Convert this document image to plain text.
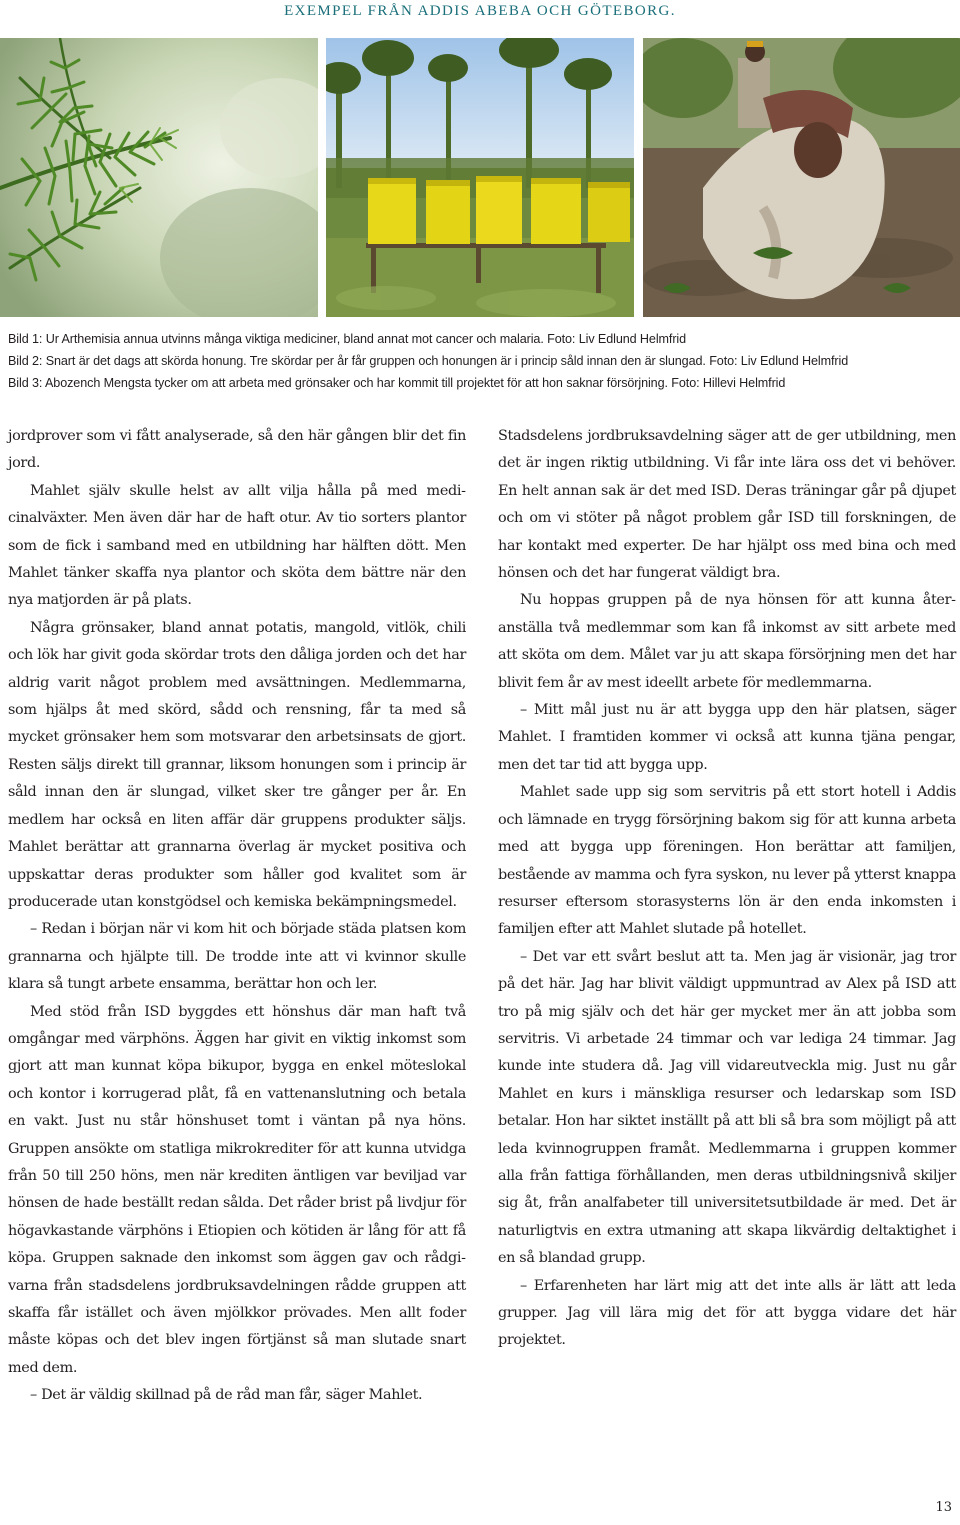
EXEMPEL FRÅN ADDIS ABEBA OCH GÖTEBORG.
Bild 1: Ur Arthemisia annua utvinns många viktiga mediciner, bland annat mot cancer och malaria. Foto: Liv Edlund Helmfrid
Bild 2: Snart är det dags att skörda honung. Tre skördar per år får gruppen och honungen är i princip såld innan den är slungad. Foto: Liv Edlund Helmfrid
Bild 3: Abozench Mengsta tycker om att arbeta med grönsaker och har kommit till projektet för att hon saknar försörjning. Foto: Hillevi Helmfrid

jordprover som vi fått analyserade, så den här gången blir det fin jord.

Mahlet själv skulle helst av allt vilja hålla på med medicinalväxter. Men även där har de haft otur. Av tio sorters plantor som de fick i samband med en utbildning har hälften dött. Men Mahlet tänker skaffa nya plantor och sköta dem bättre när den nya matjorden är på plats.

Några grönsaker, bland annat potatis, mangold, vitlök, chili och lök har givit goda skördar trots den dåliga jorden och det har aldrig varit något problem med avsättningen. Medlemmarna, som hjälps åt med skörd, sådd och rensning, får ta med så mycket grönsaker hem som motsvarar den arbetsinsats de gjort. Resten säljs direkt till grannar, liksom honungen som i princip är såld innan den är slungad, vilket sker tre gånger per år. En medlem har också en liten affär där gruppens produkter säljs. Mahlet berättar att grannarna överlag är mycket positiva och uppskattar deras produkter som håller god kvalitet som är producerade utan konstgödsel och kemiska bekämpningsmedel.

– Redan i början när vi kom hit och började städa platsen kom grannarna och hjälpte till. De trodde inte att vi kvinnor skulle klara så tungt arbete ensamma, berättar hon och ler.

Med stöd från ISD byggdes ett hönshus där man haft två omgångar med värphöns. Äggen har givit en viktig inkomst som gjort att man kunnat köpa bikupor, bygga en enkel möteslokal och kontor i korrugerad plåt, få en vattenanslutning och betala en vakt. Just nu står hönshuset tomt i väntan på nya höns. Gruppen ansökte om statliga mikrokrediter för att kunna utvidga från 50 till 250 höns, men när krediten äntligen var beviljad var hönsen de hade beställt redan sålda. Det råder brist på livdjur för högavkastande värphöns i Etiopien och kötiden är lång för att få köpa. Gruppen saknade den inkomst som äggen gav och rådgivarna från stadsdelens jordbruksavdelningen rådde gruppen att skaffa får istället och även mjölkkor prövades. Men allt foder måste köpas och det blev ingen förtjänst så man slutade snart med dem.

– Det är väldig skillnad på de råd man får, säger Mahlet.

Stadsdelens jordbruksavdelning säger att de ger utbildning, men det är ingen riktig utbildning. Vi får inte lära oss det vi behöver. En helt annan sak är det med ISD. Deras träningar går på djupet och om vi stöter på något problem går ISD till forskningen, de har kontakt med experter. De har hjälpt oss med bina och med hönsen och det har fungerat väldigt bra.

Nu hoppas gruppen på de nya hönsen för att kunna återanställa två medlemmar som kan få inkomst av sitt arbete med att sköta om dem. Målet var ju att skapa försörjning men det har blivit fem år av mest ideellt arbete för medlemmarna.

– Mitt mål just nu är att bygga upp den här platsen, säger Mahlet. I framtiden kommer vi också att kunna tjäna pengar, men det tar tid att bygga upp.

Mahlet sade upp sig som servitris på ett stort hotell i Addis och lämnade en trygg försörjning bakom sig för att kunna arbeta med att bygga upp föreningen. Hon berättar att familjen, bestående av mamma och fyra syskon, nu lever på ytterst knappa resurser eftersom storasysterns lön är den enda inkomsten i familjen efter att Mahlet slutade på hotellet.

– Det var ett svårt beslut att ta. Men jag är visionär, jag tror på det här. Jag har blivit väldigt uppmuntrad av Alex på ISD att tro på mig själv och det här ger mycket mer än att jobba som servitris. Vi arbetade 24 timmar och var lediga 24 timmar. Jag kunde inte studera då. Jag vill vidareutveckla mig. Just nu går Mahlet en kurs i mänskliga resurser och ledarskap som ISD betalar. Hon har siktet inställt på att bli så bra som möjligt på att leda kvinnogruppen framåt. Medlemmarna i gruppen kommer alla från fattiga förhållanden, men deras utbildningsnivå skiljer sig åt, från analfabeter till universitetsutbildade är med. Det är naturligtvis en extra utmaning att skapa likvärdig deltaktighet i en så blandad grupp.

– Erfarenheten har lärt mig att det inte alls är lätt att leda grupper. Jag vill lära mig det för att bygga vidare det här projektet.

13
